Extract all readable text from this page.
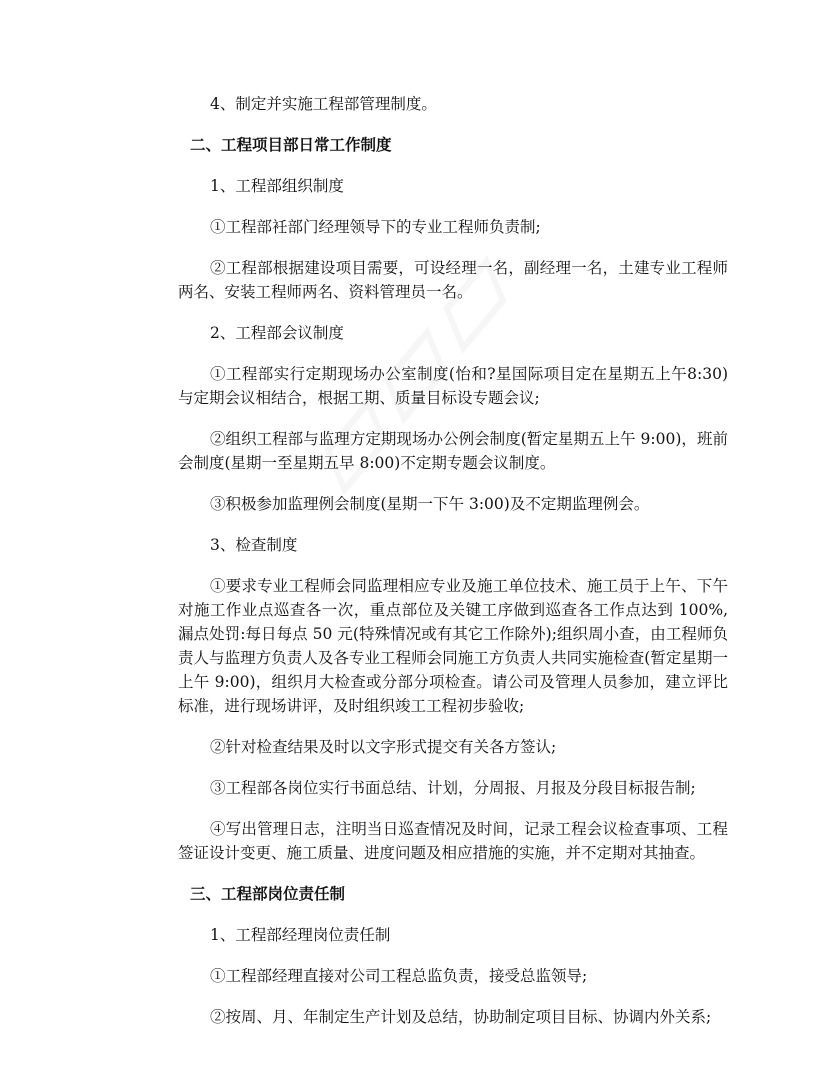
4、制定并实施工程部管理制度。

二、工程项目部日常工作制度

1、工程部组织制度

①工程部衽部门经理领导下的专业工程师负责制;

②工程部根据建设项目需要，可设经理一名，副经理一名，土建专业工程师两名、安装工程师两名、资料管理员一名。

2、工程部会议制度

①工程部实行定期现场办公室制度(怡和?星国际项目定在星期五上午8:30)与定期会议相结合，根据工期、质量目标设专题会议;

②组织工程部与监理方定期现场办公例会制度(暂定星期五上午 9:00)，班前会制度(星期一至星期五早 8:00)不定期专题会议制度。

③积极参加监理例会制度(星期一下午 3:00)及不定期监理例会。

3、检查制度

①要求专业工程师会同监理相应专业及施工单位技术、施工员于上午、下午对施工作业点巡查各一次，重点部位及关键工序做到巡查各工作点达到 100%,漏点处罚:每日每点 50 元(特殊情况或有其它工作除外);组织周小查，由工程师负责人与监理方负责人及各专业工程师会同施工方负责人共同实施检查(暂定星期一上午 9:00)，组织月大检查或分部分项检查。请公司及管理人员参加，建立评比标准，进行现场讲评，及时组织竣工工程初步验收;

②针对检查结果及时以文字形式提交有关各方签认;

③工程部各岗位实行书面总结、计划，分周报、月报及分段目标报告制;

④写出管理日志，注明当日巡查情况及时间，记录工程会议检查事项、工程签证设计变更、施工质量、进度问题及相应措施的实施，并不定期对其抽查。

三、工程部岗位责任制

1、工程部经理岗位责任制

①工程部经理直接对公司工程总监负责，接受总监领导;

②按周、月、年制定生产计划及总结，协助制定项目目标、协调内外关系;
